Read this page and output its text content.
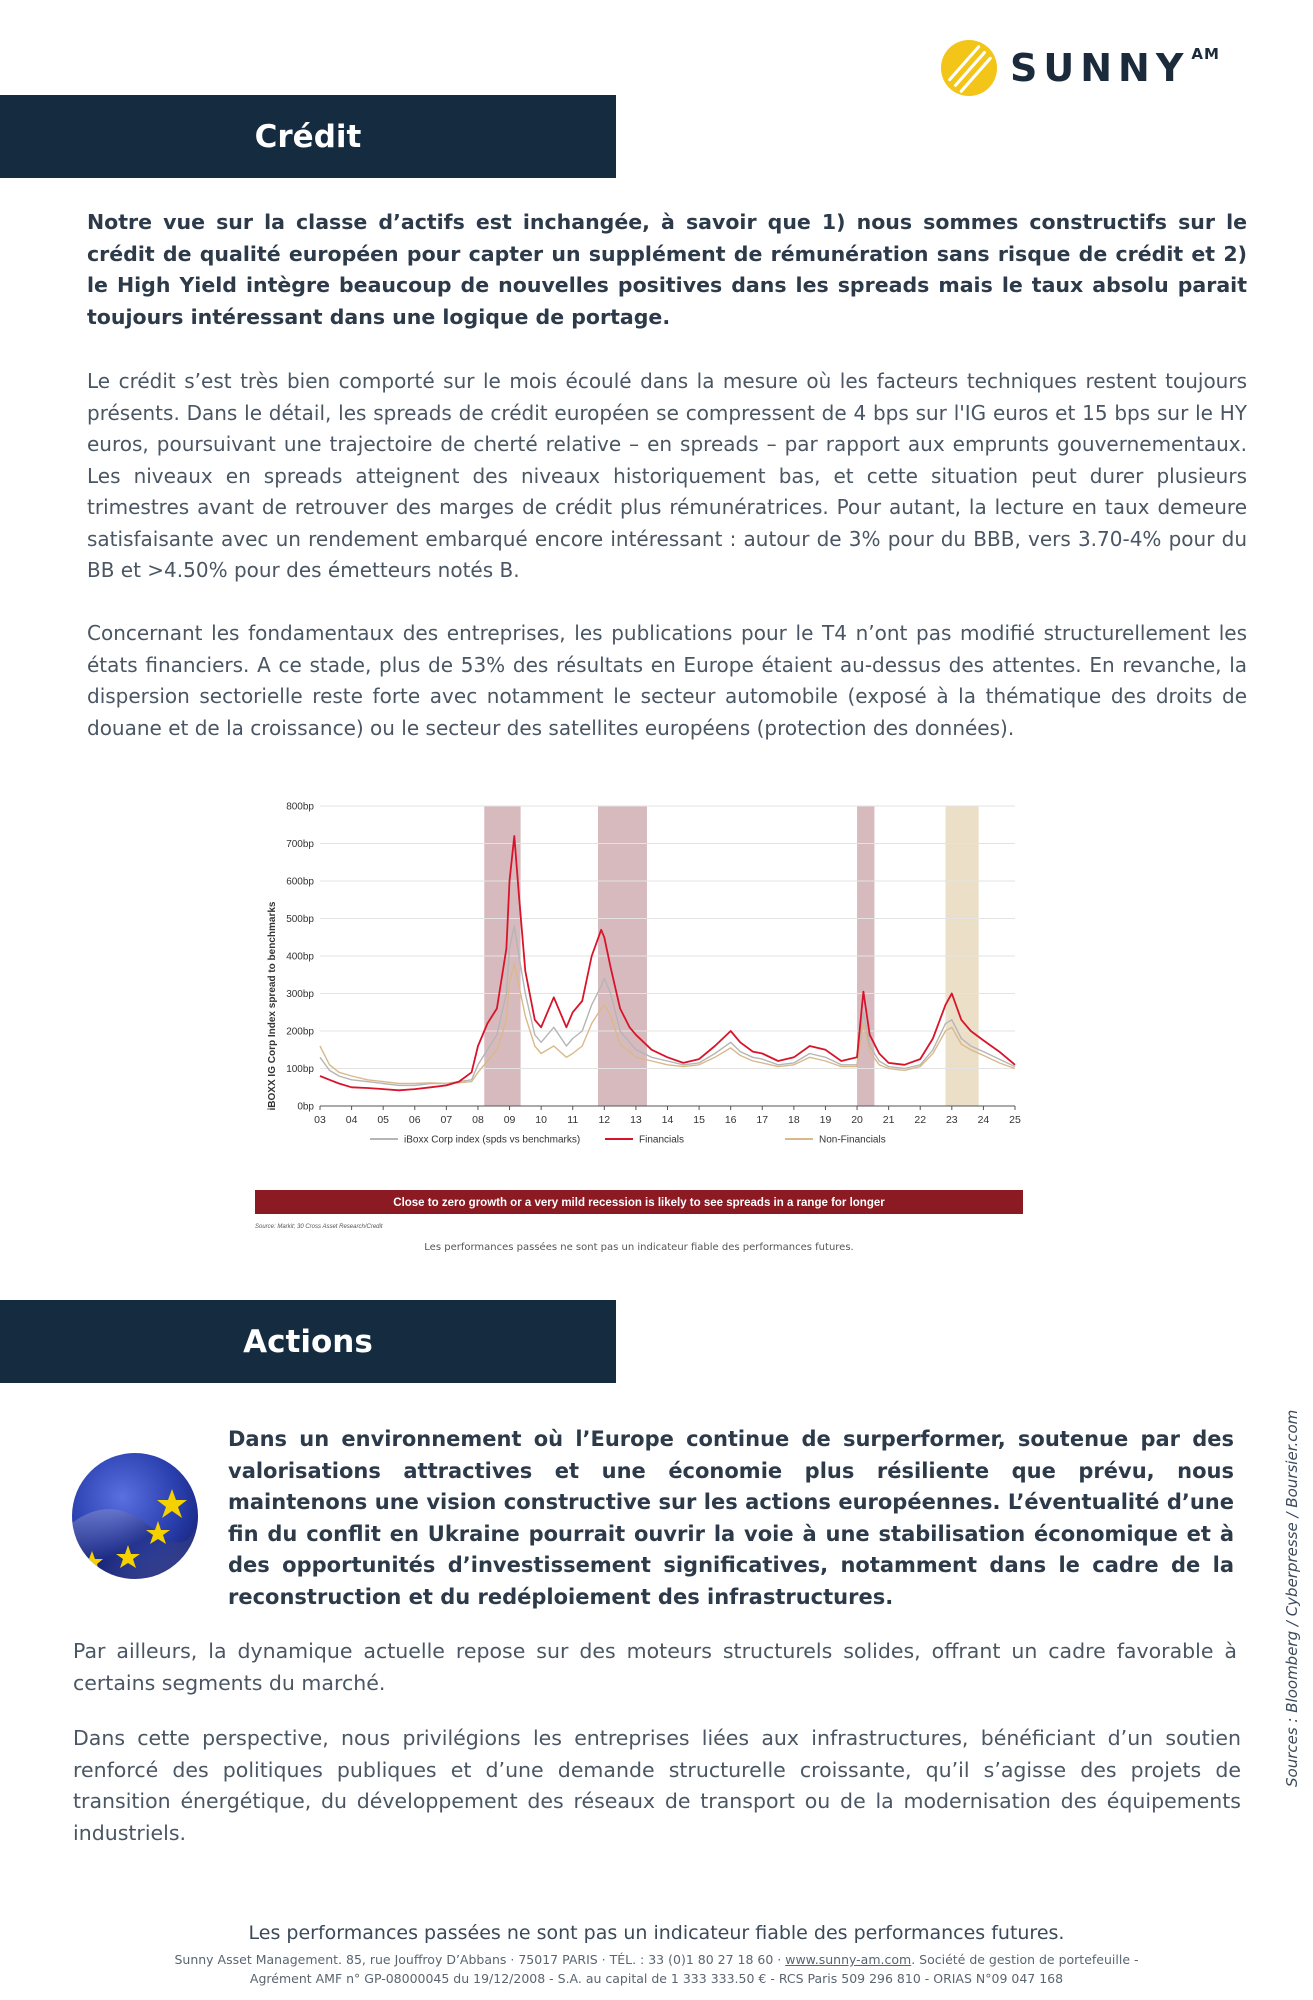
SUNNY AM
Crédit

Notre vue sur la classe d’actifs est inchangée, à savoir que 1) nous sommes constructifs sur le crédit de qualité européen pour capter un supplément de rémunération sans risque de crédit et 2) le High Yield intègre beaucoup de nouvelles positives dans les spreads mais le taux absolu parait toujours intéressant dans une logique de portage.

Le crédit s’est très bien comporté sur le mois écoulé dans la mesure où les facteurs techniques restent toujours présents. Dans le détail, les spreads de crédit européen se compressent de 4 bps sur l'IG euros et 15 bps sur le HY euros, poursuivant une trajectoire de cherté relative – en spreads – par rapport aux emprunts gouvernementaux. Les niveaux en spreads atteignent des niveaux historiquement bas, et cette situation peut durer plusieurs trimestres avant de retrouver des marges de crédit plus rémunératrices. Pour autant, la lecture en taux demeure satisfaisante avec un rendement embarqué encore intéressant : autour de 3% pour du BBB, vers 3.70-4% pour du BB et >4.50% pour des émetteurs notés B.

Concernant les fondamentaux des entreprises, les publications pour le T4 n’ont pas modifié structurellement les états financiers. A ce stade, plus de 53% des résultats en Europe étaient au-dessus des attentes. En revanche, la dispersion sectorielle reste forte avec notamment le secteur automobile (exposé à la thématique des droits de douane et de la croissance) ou le secteur des satellites européens (protection des données).

0bp
100bp
200bp
300bp
400bp
500bp
600bp
700bp
800bp
03 04 05 06 07 08 09 10 11 12 13 14 15 16 17 18 19 20 21 22 23 24 25
iBOXX IG Corp Index spread to benchmarks
iBoxx Corp index (spds vs benchmarks)	Financials	Non-Financials
Close to zero growth or a very mild recession is likely to see spreads in a range for longer
Source: Markit; 30 Cross Asset Research/Credit
Les performances passées ne sont pas un indicateur fiable des performances futures.
Actions

Dans un environnement où l’Europe continue de surperformer, soutenue par des valorisations attractives et une économie plus résiliente que prévu, nous maintenons une vision constructive sur les actions européennes. L’éventualité d’une fin du conflit en Ukraine pourrait ouvrir la voie à une stabilisation économique et à des opportunités d’investissement significatives, notamment dans le cadre de la reconstruction et du redéploiement des infrastructures.

Par ailleurs, la dynamique actuelle repose sur des moteurs structurels solides, offrant un cadre favorable à certains segments du marché.

Dans cette perspective, nous privilégions les entreprises liées aux infrastructures, bénéficiant d’un soutien renforcé des politiques publiques et d’une demande structurelle croissante, qu’il s’agisse des projets de transition énergétique, du développement des réseaux de transport ou de la modernisation des équipements industriels.

Sources : Bloomberg / Cyberpresse / Boursier.com
Les performances passées ne sont pas un indicateur fiable des performances futures.
Sunny Asset Management. 85, rue Jouffroy D’Abbans · 75017 PARIS · TÉL. : 33 (0)1 80 27 18 60 · www.sunny-am.com. Société de gestion de portefeuille -
Agrément AMF n° GP-08000045 du 19/12/2008 - S.A. au capital de 1 333 333.50 € - RCS Paris 509 296 810 - ORIAS N°09 047 168
